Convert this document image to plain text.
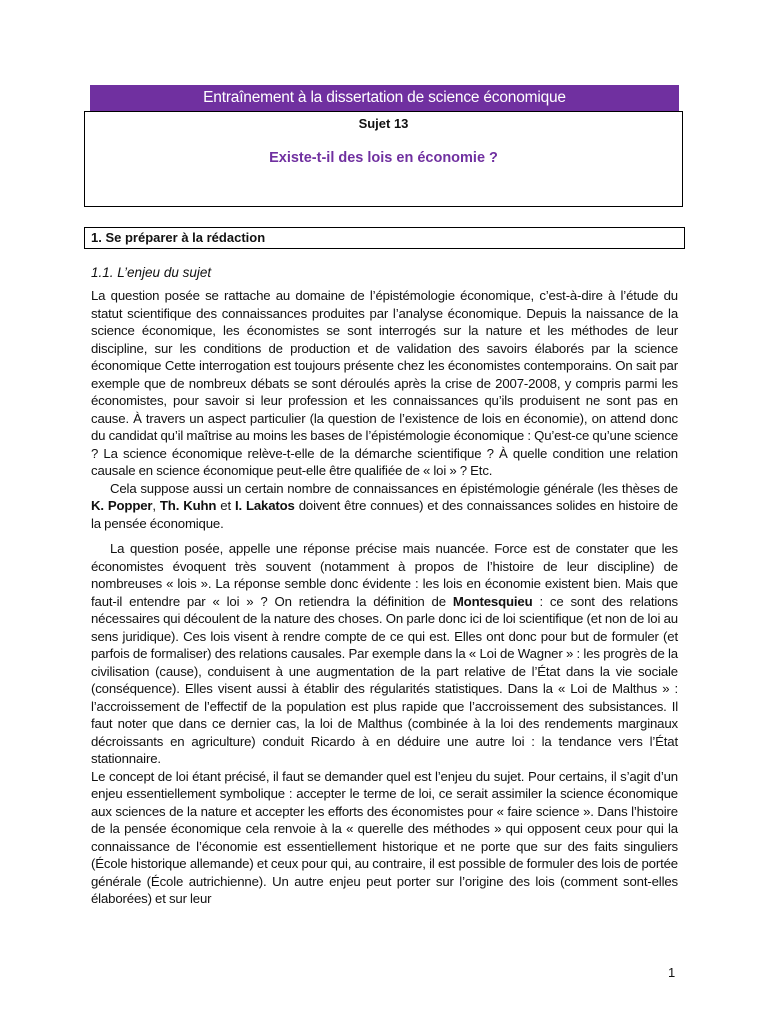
Entraînement à la dissertation de science économique
Sujet 13
Existe-t-il des lois en économie ?
1. Se préparer à la rédaction
1.1. L’enjeu du sujet

La question posée se rattache au domaine de l’épistémologie économique, c’est-à-dire à l’étude du statut scientifique des connaissances produites par l’analyse économique. Depuis la naissance de la science économique, les économistes se sont interrogés sur la nature et les méthodes de leur discipline, sur les conditions de production et de validation des savoirs élaborés par la science économique Cette interrogation est toujours présente chez les économistes contemporains. On sait par exemple que de nombreux débats se sont déroulés après la crise de 2007-2008, y compris parmi les économistes, pour savoir si leur profession et les connaissances qu’ils produisent ne sont pas en cause. À travers un aspect particulier (la question de l’existence de lois en économie), on attend donc du candidat qu’il maîtrise au moins les bases de l’épistémologie économique : Qu’est-ce qu’une science ? La science économique relève-t-elle de la démarche scientifique ? À quelle condition une relation causale en science économique peut-elle être qualifiée de « loi » ? Etc.

Cela suppose aussi un certain nombre de connaissances en épistémologie générale (les thèses de K. Popper, Th. Kuhn et I. Lakatos doivent être connues) et des connaissances solides en histoire de la pensée économique.

La question posée, appelle une réponse précise mais nuancée. Force est de constater que les économistes évoquent très souvent (notamment à propos de l’histoire de leur discipline) de nombreuses « lois ». La réponse semble donc évidente : les lois en économie existent bien. Mais que faut-il entendre par « loi » ? On retiendra la définition de Montesquieu : ce sont des relations nécessaires qui découlent de la nature des choses. On parle donc ici de loi scientifique (et non de loi au sens juridique). Ces lois visent à rendre compte de ce qui est. Elles ont donc pour but de formuler (et parfois de formaliser) des relations causales. Par exemple dans la « Loi de Wagner » : les progrès de la civilisation (cause), conduisent à une augmentation de la part relative de l’État dans la vie sociale (conséquence). Elles visent aussi à établir des régularités statistiques. Dans la « Loi de Malthus » : l’accroissement de l’effectif de la population est plus rapide que l’accroissement des subsistances. Il faut noter que dans ce dernier cas, la loi de Malthus (combinée à la loi des rendements marginaux décroissants en agriculture) conduit Ricardo à en déduire une autre loi : la tendance vers l’État stationnaire.

Le concept de loi étant précisé, il faut se demander quel est l’enjeu du sujet. Pour certains, il s’agit d’un enjeu essentiellement symbolique : accepter le terme de loi, ce serait assimiler la science économique aux sciences de la nature et accepter les efforts des économistes pour « faire science ». Dans l’histoire de la pensée économique cela renvoie à la « querelle des méthodes » qui opposent ceux pour qui la connaissance de l’économie est essentiellement historique et ne porte que sur des faits singuliers (École historique allemande) et ceux pour qui, au contraire, il est possible de formuler des lois de portée générale (École autrichienne). Un autre enjeu peut porter sur l’origine des lois (comment sont-elles élaborées) et sur leur

1
